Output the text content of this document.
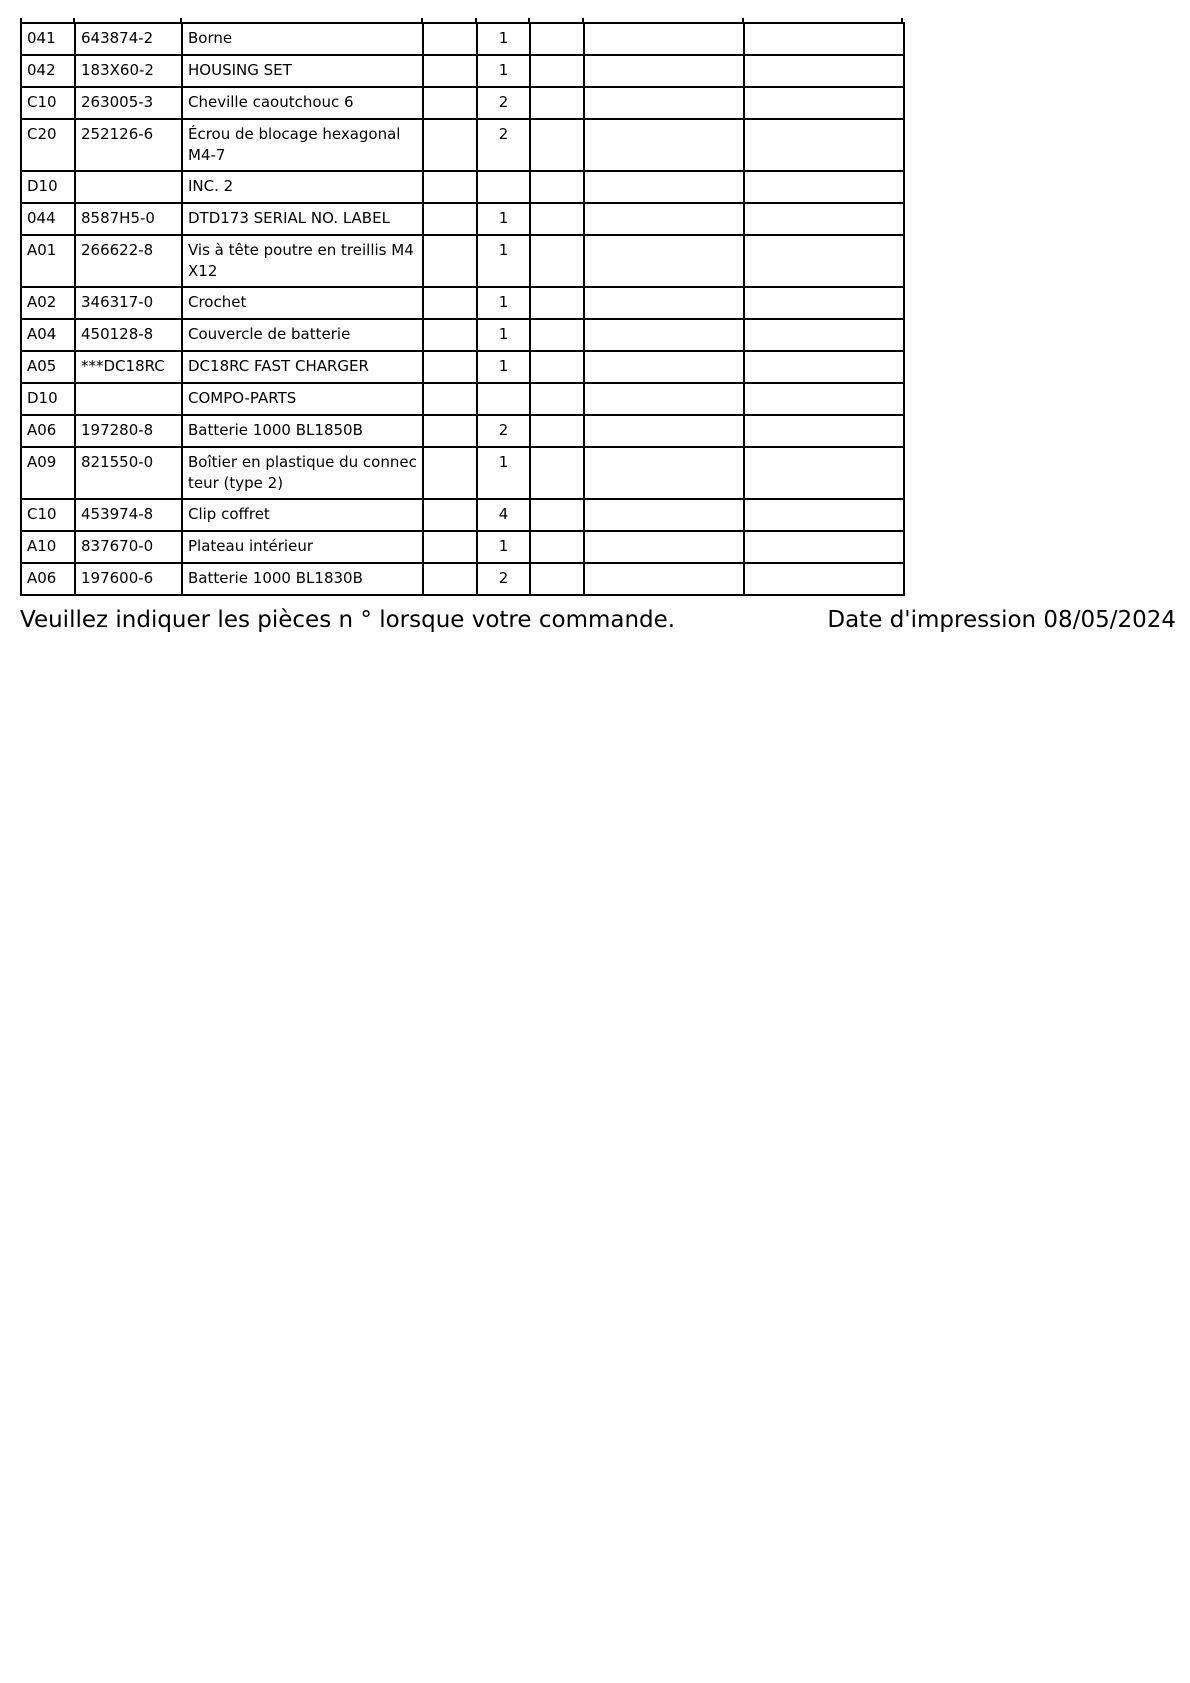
041	643874-2	Borne		1			
042	183X60-2	HOUSING SET		1			
C10	263005-3	Cheville caoutchouc 6		2			
C20	252126-6	Écrou de blocage hexagonal M4-7		2			
D10		INC. 2					
044	8587H5-0	DTD173 SERIAL NO. LABEL		1			
A01	266622-8	Vis à tête poutre en treillis M4X12		1			
A02	346317-0	Crochet		1			
A04	450128-8	Couvercle de batterie		1			
A05	***DC18RC	DC18RC FAST CHARGER		1			
D10		COMPO-PARTS					
A06	197280-8	Batterie 1000 BL1850B		2			
A09	821550-0	Boîtier en plastique du connecteur (type 2)		1			
C10	453974-8	Clip coffret		4			
A10	837670-0	Plateau intérieur		1			
A06	197600-6	Batterie 1000 BL1830B		2			
Veuillez indiquer les pièces n ° lorsque votre commande.	Date d'impression 08/05/2024
